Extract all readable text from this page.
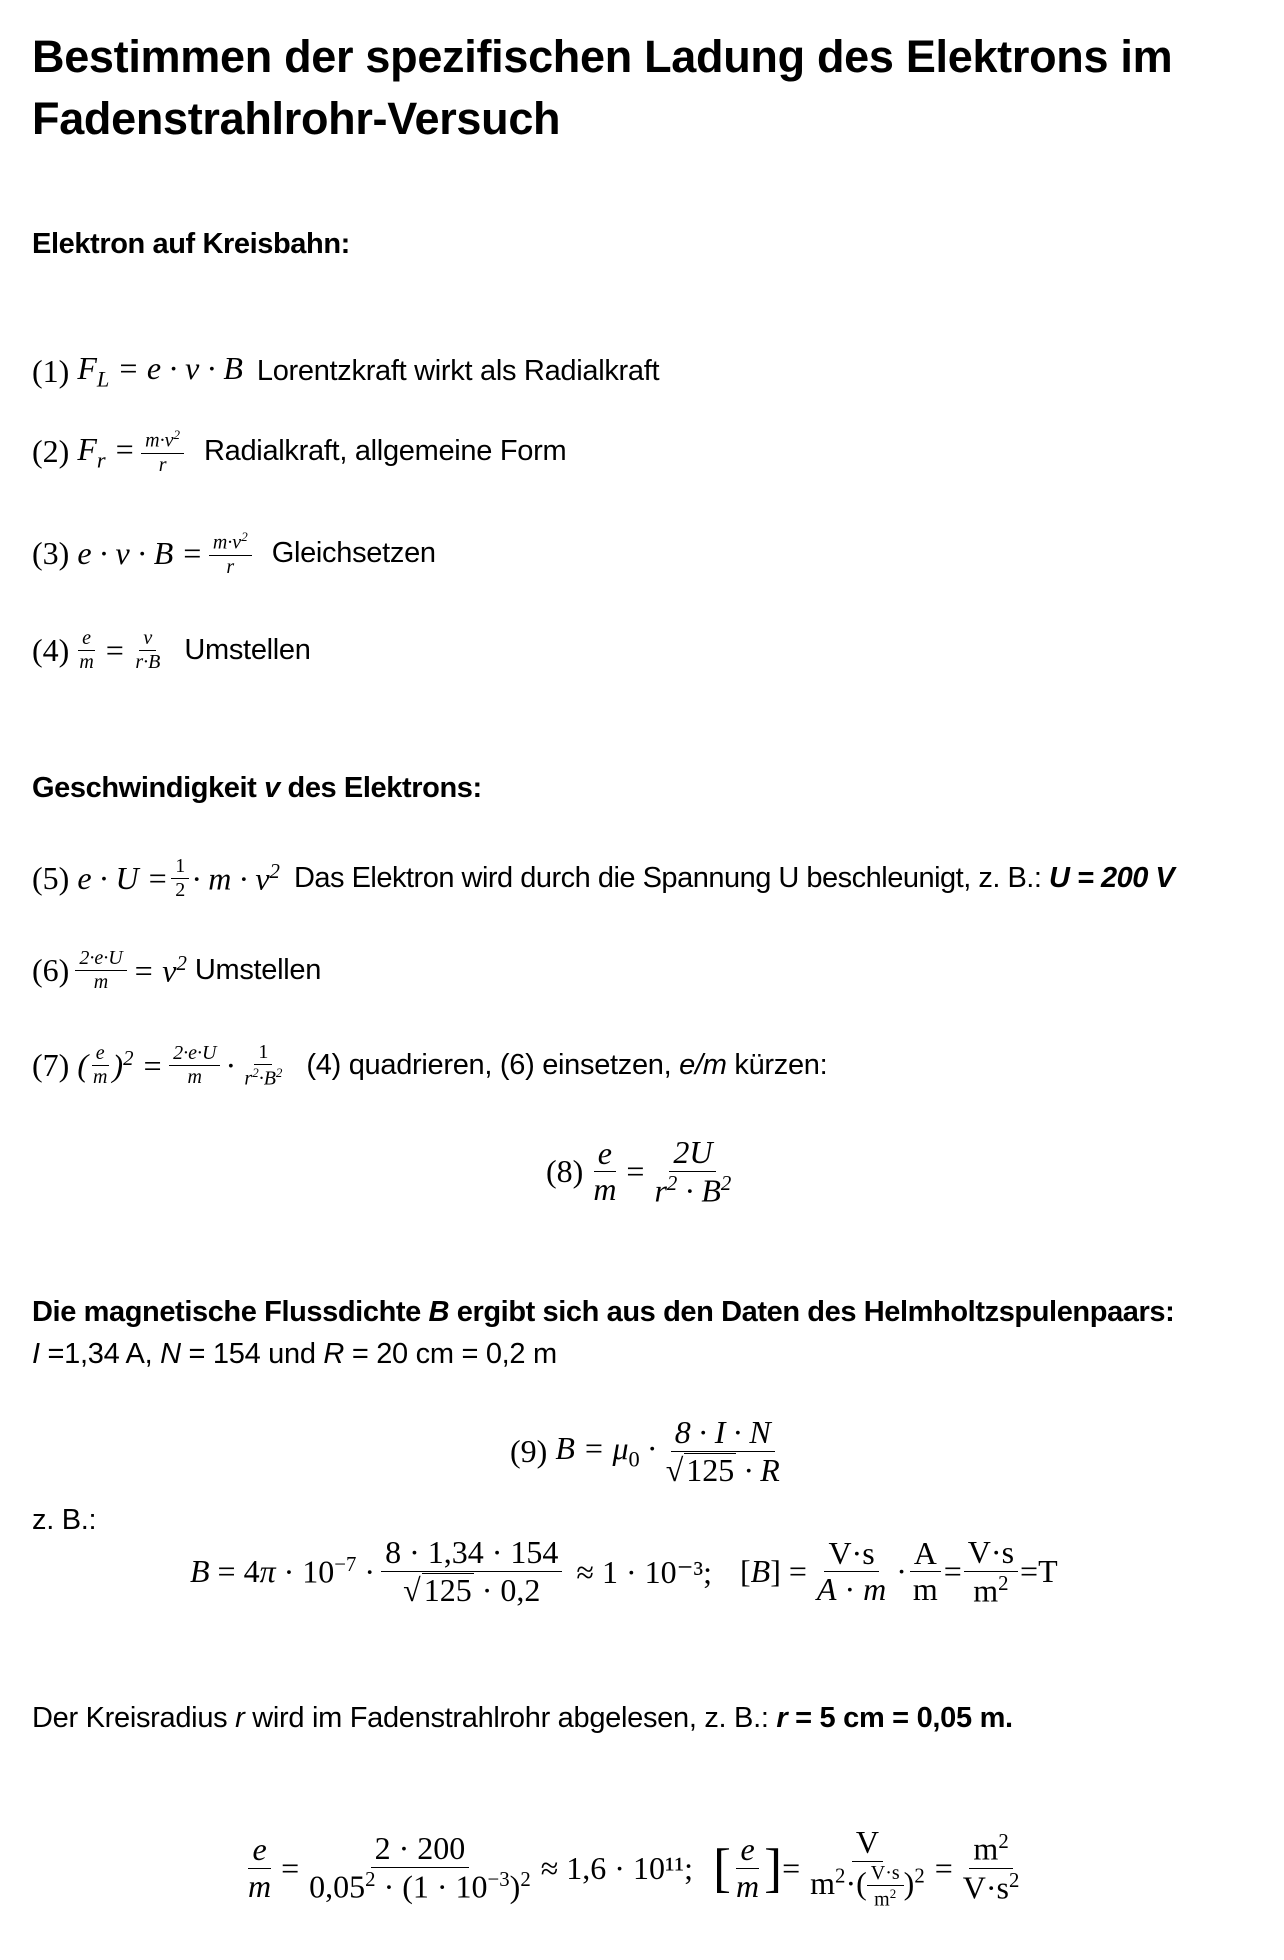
Bestimmen der spezifischen Ladung des Elektrons im
Fadenstrahlrohr-Versuch
Elektron auf Kreisbahn:
(1) $F_L = e \cdot v \cdot B$ Lorentzkraft wirkt als Radialkraft
(2) $F_r = \frac{m\cdot v^2}{r}$ Radialkraft, allgemeine Form
(3) $e \cdot v \cdot B = \frac{m\cdot v^2}{r}$ Gleichsetzen
$(4) \frac{e}{m} = \frac{v}{r\cdot B}$ Umstellen
Geschwindigkeit v des Elektrons:
(5) $e \cdot U = \frac{1}{2} \cdot m \cdot v^2$ Das Elektron wird durch die Spannung U beschleunigt, z. B.: U = 200 V
$(6) \frac{2\cdot e\cdot U}{m} = v^2$ Umstellen
(7) ( $\frac{e}{m} )^2 = \frac{2\cdot e\cdot U}{m} \cdot \frac{1}{r^2\cdot B^2} (4)$ quadrieren, (6) einsetzen, e/m kürzen:
$(8) \frac{e}{m} = \frac{2U}{r^2 \cdot B^2}$
Die magnetische Flussdichte B ergibt sich aus den Daten des Helmholtzspulenpaars:
I =1,34 A, N = 154 und R = 20 cm = 0,2 m
(9) $B = \mu_0 \cdot \frac{8 \cdot I \cdot N}{√125 \cdot R}$
z. B.:
B = 4 $\pi \cdot 10^{-7} \cdot \frac{8 \cdot 1,34 \cdot 154}{√125 \cdot 0,2} \approx 1 \cdot 10^{-3}$; [ B ] = $\frac{V\cdot s}{A \cdot m} \cdot \frac{A}{m} = \frac{V\cdot s}{m^2} =T$
Der Kreisradius r wird im Fadenstrahlrohr abgelesen, z. B.: r = 5 cm = 0,05 m.
$\frac{e}{m} = \frac{2 \cdot 200}{0,05^2 \cdot (1 \cdot 10^{-3})^2} \approx 1,6 \cdot 10^{11}$; [ $\frac{e}{m}$ ] = $\frac{V}{m^2\cdot( \frac{V\cdot s}{m^2} )^2} = \frac{m^2}{V\cdot s^2}$
